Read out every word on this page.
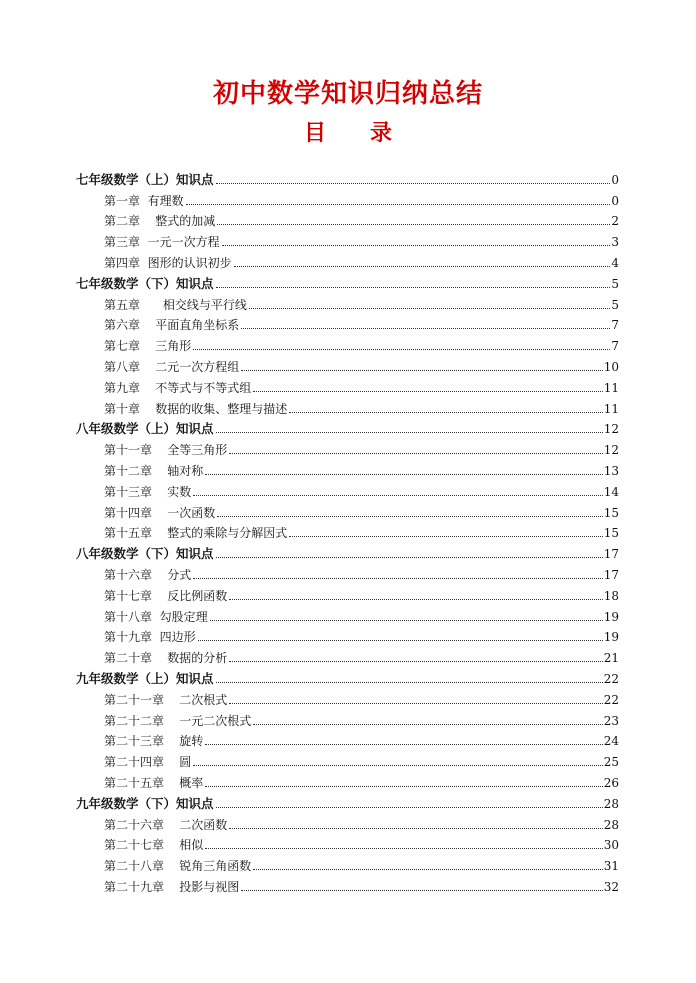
初中数学知识归纳总结
目 录
七年级数学（上）知识点	0
第一章  有理数	0
第二章    整式的加减	2
第三章  一元一次方程	3
第四章  图形的认识初步	4
七年级数学（下）知识点	5
第五章      相交线与平行线	5
第六章    平面直角坐标系	7
第七章    三角形	7
第八章    二元一次方程组	10
第九章    不等式与不等式组	11
第十章    数据的收集、整理与描述	11
八年级数学（上）知识点	12
第十一章    全等三角形	12
第十二章    轴对称	13
第十三章    实数	14
第十四章    一次函数	15
第十五章    整式的乘除与分解因式	15
八年级数学（下）知识点	17
第十六章    分式	17
第十七章    反比例函数	18
第十八章  勾股定理	19
第十九章  四边形	19
第二十章    数据的分析	21
九年级数学（上）知识点	22
第二十一章    二次根式	22
第二十二章    一元二次根式	23
第二十三章    旋转	24
第二十四章    圆	25
第二十五章    概率	26
九年级数学（下）知识点	28
第二十六章    二次函数	28
第二十七章    相似	30
第二十八章    锐角三角函数	31
第二十九章    投影与视图	32
